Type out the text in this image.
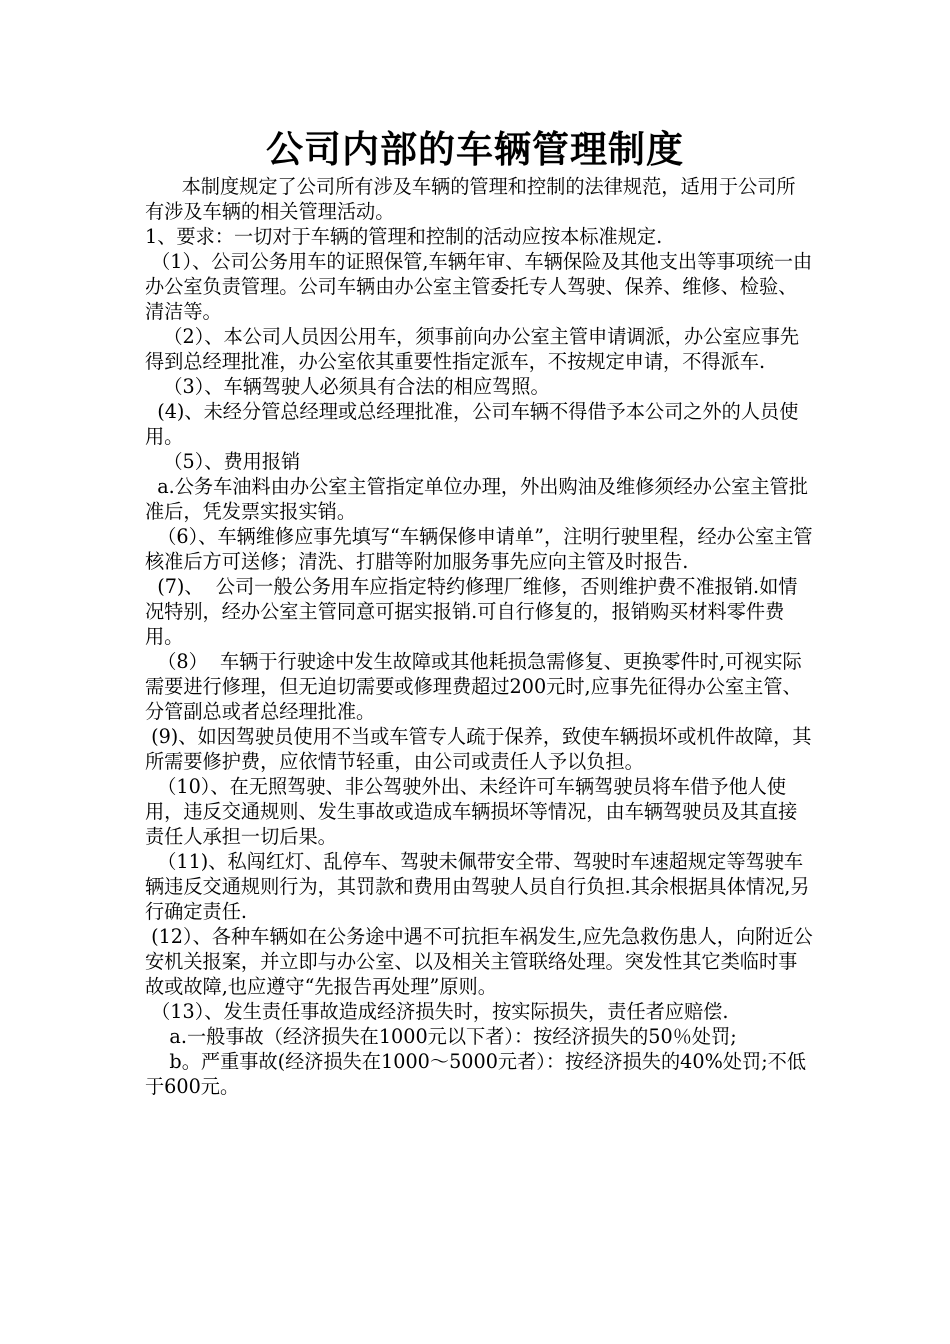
公司内部的车辆管理制度

本制度规定了公司所有涉及车辆的管理和控制的法律规范，适用于公司所有涉及车辆的相关管理活动。

1、要求：一切对于车辆的管理和控制的活动应按本标准规定.

（1）、公司公务用车的证照保管,车辆年审、车辆保险及其他支出等事项统一由办公室负责管理。公司车辆由办公室主管委托专人驾驶、保养、维修、检验、清洁等。

（2）、本公司人员因公用车，须事前向办公室主管申请调派，办公室应事先得到总经理批准，办公室依其重要性指定派车，不按规定申请，不得派车.

（3）、车辆驾驶人必须具有合法的相应驾照。

(4)、未经分管总经理或总经理批准，公司车辆不得借予本公司之外的人员使用。

（5）、费用报销

a.公务车油料由办公室主管指定单位办理，外出购油及维修须经办公室主管批准后，凭发票实报实销。

（6）、车辆维修应事先填写“车辆保修申请单”，注明行驶里程，经办公室主管核准后方可送修；清洗、打腊等附加服务事先应向主管及时报告.

(7)、  公司一般公务用车应指定特约修理厂维修，否则维护费不准报销.如情况特别，经办公室主管同意可据实报销.可自行修复的，报销购买材料零件费用。

（8）  车辆于行驶途中发生故障或其他耗损急需修复、更换零件时,可视实际需要进行修理，但无迫切需要或修理费超过200元时,应事先征得办公室主管、分管副总或者总经理批准。

(9)、如因驾驶员使用不当或车管专人疏于保养，致使车辆损坏或机件故障，其所需要修护费，应依情节轻重，由公司或责任人予以负担。

（10）、在无照驾驶、非公驾驶外出、未经许可车辆驾驶员将车借予他人使用，违反交通规则、发生事故或造成车辆损坏等情况，由车辆驾驶员及其直接责任人承担一切后果。

（11)、私闯红灯、乱停车、驾驶未佩带安全带、驾驶时车速超规定等驾驶车辆违反交通规则行为，其罚款和费用由驾驶人员自行负担.其余根据具体情况,另行确定责任.

(12）、各种车辆如在公务途中遇不可抗拒车祸发生,应先急救伤患人，向附近公安机关报案，并立即与办公室、以及相关主管联络处理。突发性其它类临时事故或故障,也应遵守“先报告再处理”原则。

（13）、发生责任事故造成经济损失时，按实际损失，责任者应赔偿.

a.一般事故（经济损失在1000元以下者）：按经济损失的50％处罚;

b。严重事故(经济损失在1000～5000元者）：按经济损失的40%处罚;不低于600元。
